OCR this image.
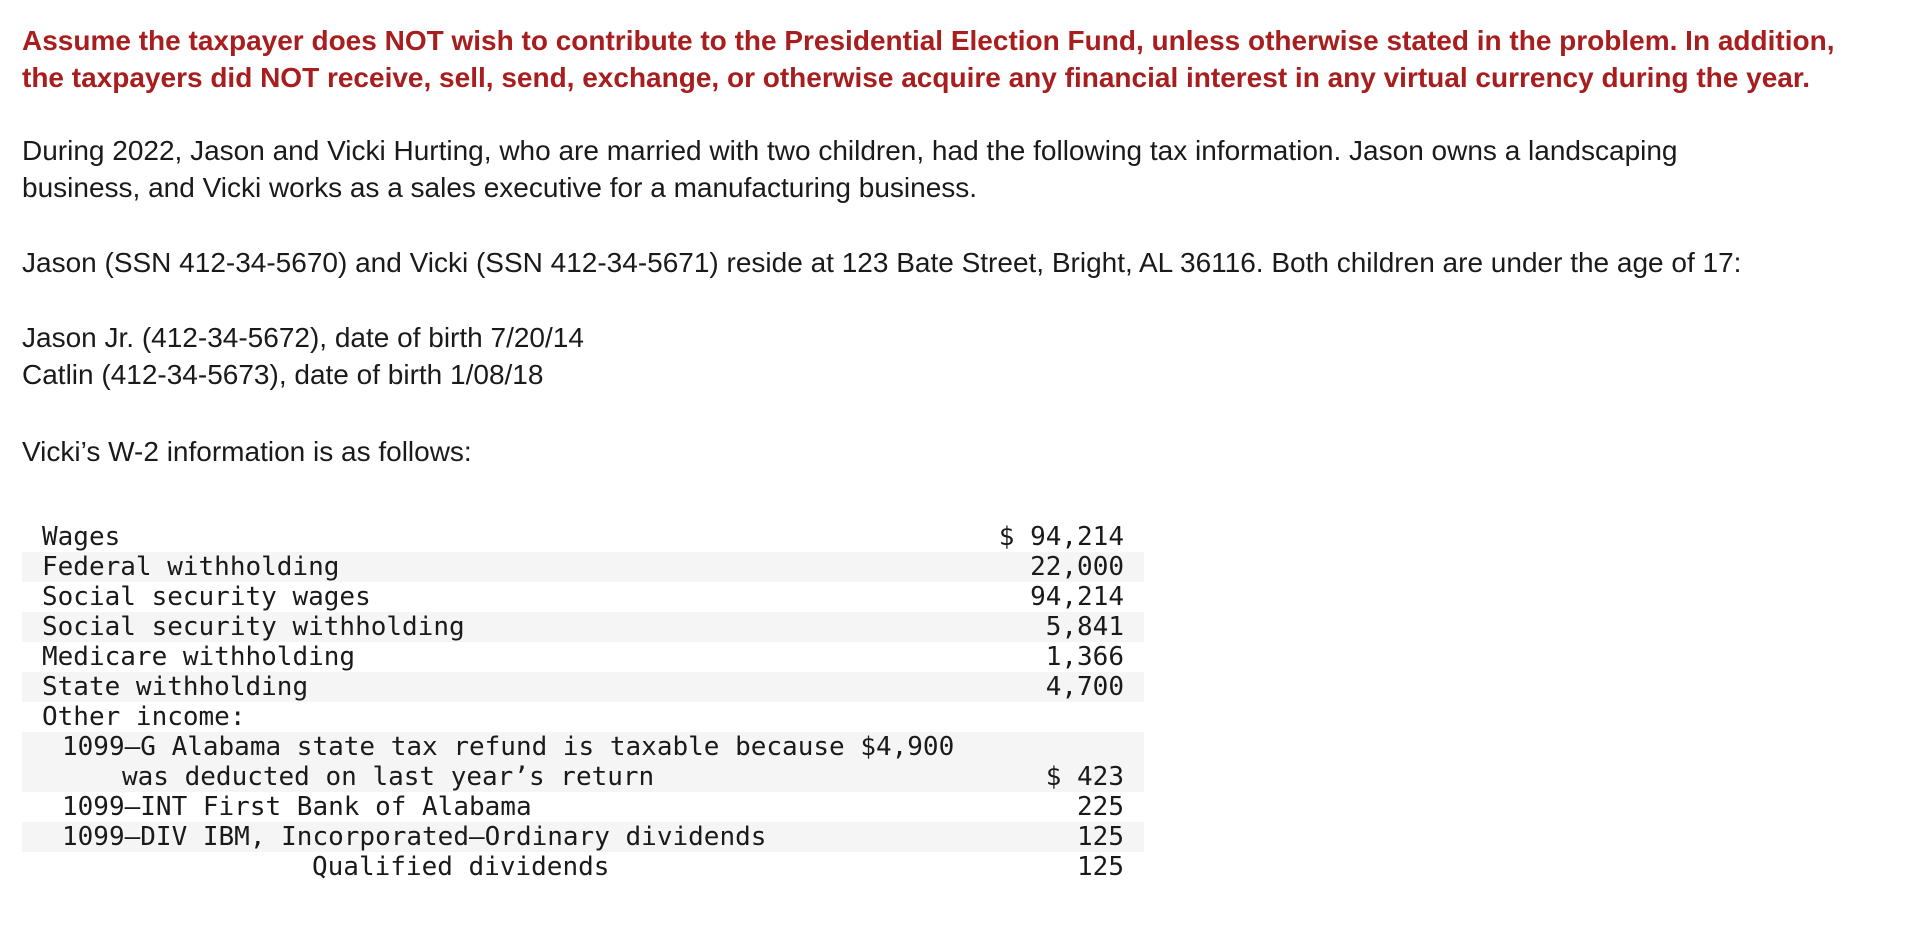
Assume the taxpayer does NOT wish to contribute to the Presidential Election Fund, unless otherwise stated in the problem. In addition, the taxpayers did NOT receive, sell, send, exchange, or otherwise acquire any financial interest in any virtual currency during the year.
During 2022, Jason and Vicki Hurting, who are married with two children, had the following tax information. Jason owns a landscaping
business, and Vicki works as a sales executive for a manufacturing business.
Jason (SSN 412-34-5670) and Vicki (SSN 412-34-5671) reside at 123 Bate Street, Bright, AL 36116. Both children are under the age of 17:
Jason Jr. (412-34-5672), date of birth 7/20/14
Catlin (412-34-5673), date of birth 1/08/18
Vicki’s W-2 information is as follows:
Wages	$ 94,214
Federal withholding	22,000
Social security wages	94,214
Social security withholding	5,841
Medicare withholding	1,366
State withholding	4,700
Other income:	

1099–G Alabama state tax refund is taxable because $4,900
was deducted on last year’s return	$ 423
1099–INT First Bank of Alabama	225
1099–DIV IBM, Incorporated—Ordinary dividends	125
Qualified dividends	125
